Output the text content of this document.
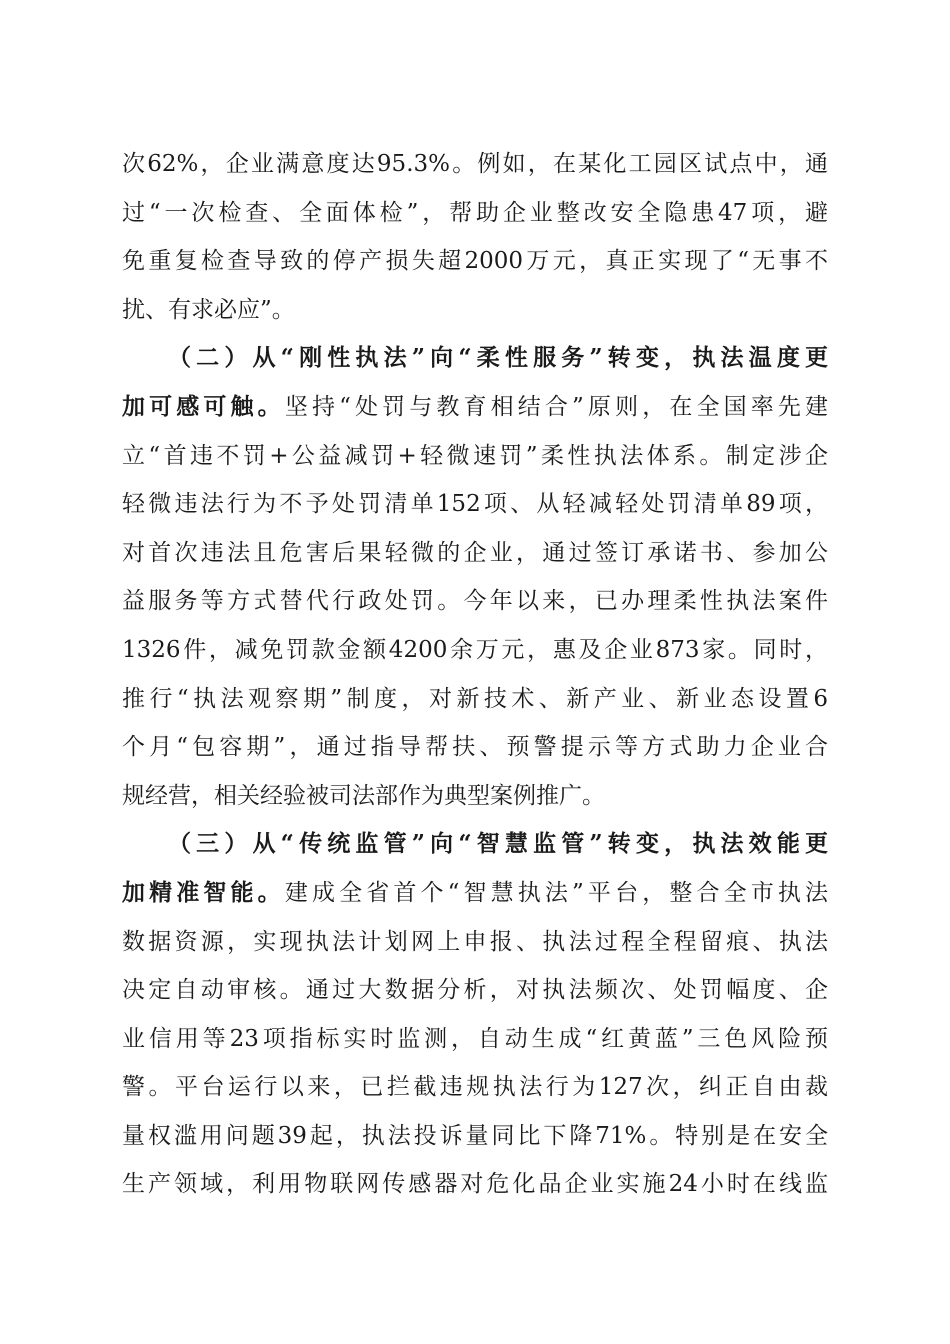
次62%，企业满意度达95.3%。例如，在某化工园区试点中，通
过“一次检查、全面体检”，帮助企业整改安全隐患47项，避
免重复检查导致的停产损失超2000万元，真正实现了“无事不
扰、有求必应”。
（二）从“刚性执法”向“柔性服务”转变，执法温度更
加可感可触。坚持“处罚与教育相结合”原则，在全国率先建
立“首违不罚+公益减罚+轻微速罚”柔性执法体系。制定涉企
轻微违法行为不予处罚清单152项、从轻减轻处罚清单89项，
对首次违法且危害后果轻微的企业，通过签订承诺书、参加公
益服务等方式替代行政处罚。今年以来，已办理柔性执法案件
1326件，减免罚款金额4200余万元，惠及企业873家。同时，
推行“执法观察期”制度，对新技术、新产业、新业态设置6
个月“包容期”，通过指导帮扶、预警提示等方式助力企业合
规经营，相关经验被司法部作为典型案例推广。
（三）从“传统监管”向“智慧监管”转变，执法效能更
加精准智能。建成全省首个“智慧执法”平台，整合全市执法
数据资源，实现执法计划网上申报、执法过程全程留痕、执法
决定自动审核。通过大数据分析，对执法频次、处罚幅度、企
业信用等23项指标实时监测，自动生成“红黄蓝”三色风险预
警。平台运行以来，已拦截违规执法行为127次，纠正自由裁
量权滥用问题39起，执法投诉量同比下降71%。特别是在安全
生产领域，利用物联网传感器对危化品企业实施24小时在线监
